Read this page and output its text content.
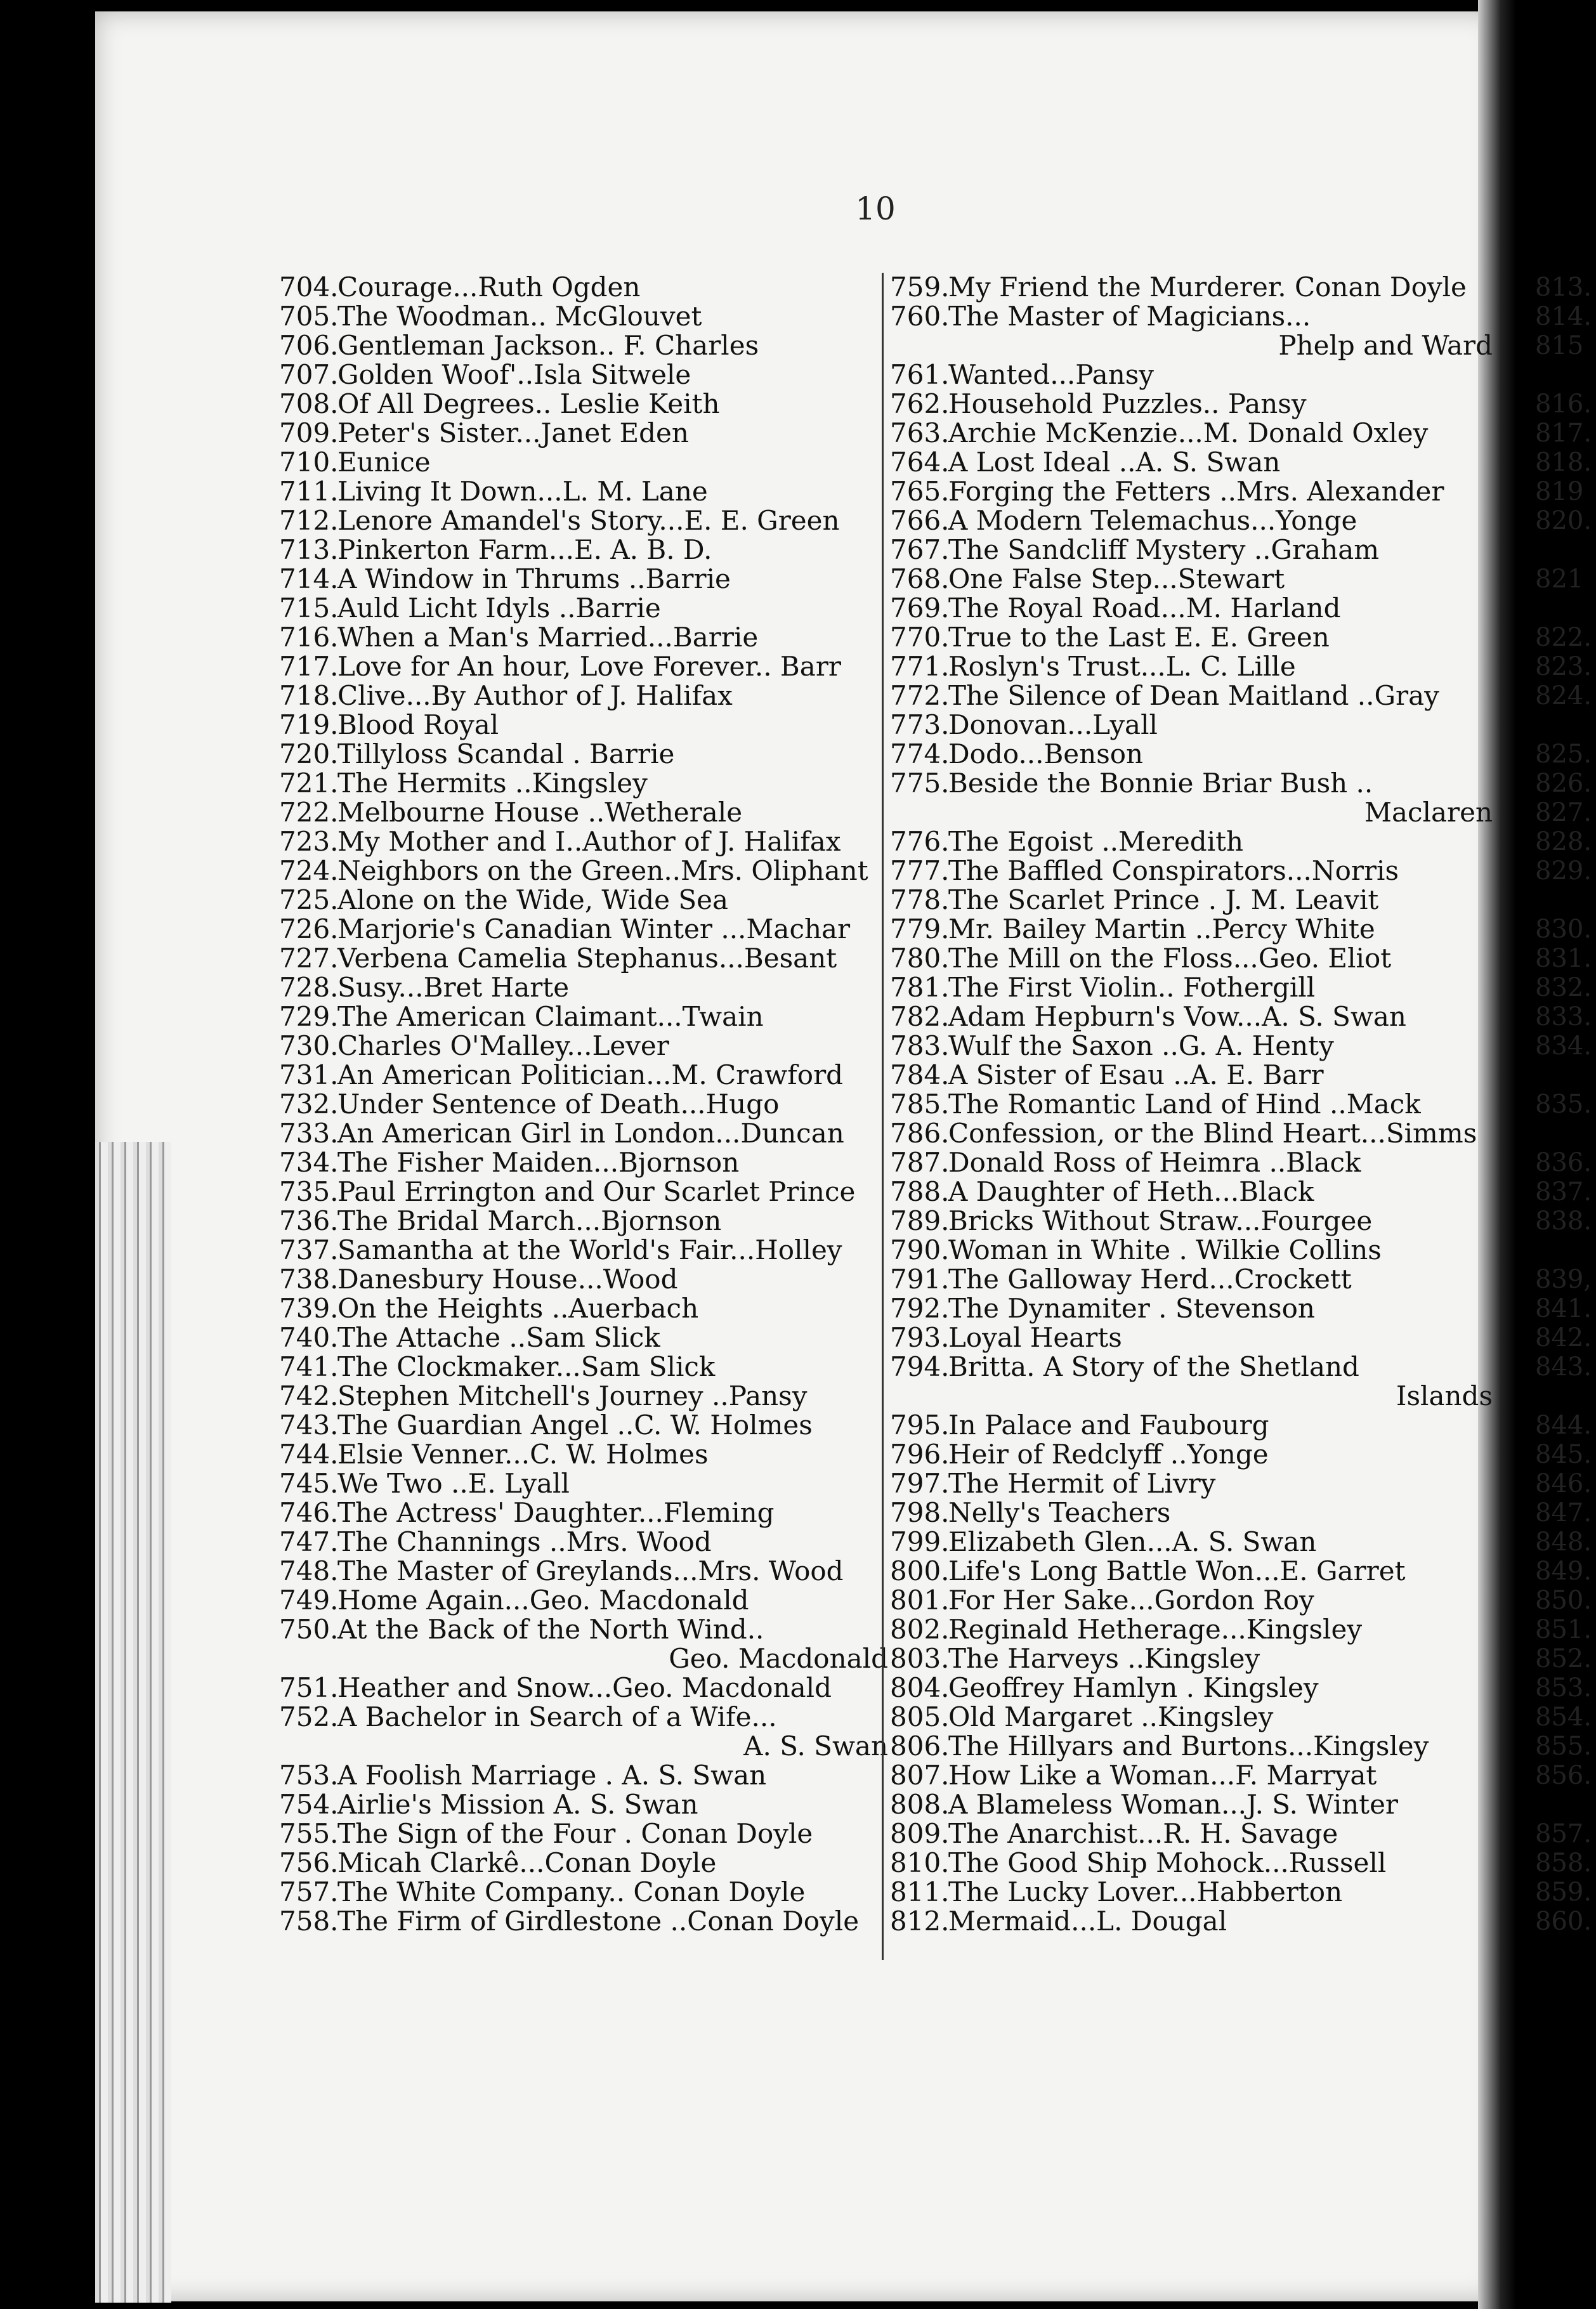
10
704.Courage...Ruth Ogden
705.The Woodman.. McGlouvet
706.Gentleman Jackson.. F. Charles
707.Golden Woof'..Isla Sitwele
708.Of All Degrees.. Leslie Keith
709.Peter's Sister...Janet Eden
710.Eunice
711.Living It Down...L. M. Lane
712.Lenore Amandel's Story...E. E. Green
713.Pinkerton Farm...E. A. B. D.
714.A Window in Thrums ..Barrie
715.Auld Licht Idyls ..Barrie
716.When a Man's Married...Barrie
717.Love for An hour, Love Forever.. Barr
718.Clive...By Author of J. Halifax
719.Blood Royal
720.Tillyloss Scandal . Barrie
721.The Hermits ..Kingsley
722.Melbourne House ..Wetherale
723.My Mother and I..Author of J. Halifax
724.Neighbors on the Green..Mrs. Oliphant
725.Alone on the Wide, Wide Sea
726.Marjorie's Canadian Winter ...Machar
727.Verbena Camelia Stephanus...Besant
728.Susy...Bret Harte
729.The American Claimant...Twain
730.Charles O'Malley...Lever
731.An American Politician...M. Crawford
732.Under Sentence of Death...Hugo
733.An American Girl in London...Duncan
734.The Fisher Maiden...Bjornson
735.Paul Errington and Our Scarlet Prince
736.The Bridal March...Bjornson
737.Samantha at the World's Fair...Holley
738.Danesbury House...Wood
739.On the Heights ..Auerbach
740.The Attache ..Sam Slick
741.The Clockmaker...Sam Slick
742.Stephen Mitchell's Journey ..Pansy
743.The Guardian Angel ..C. W. Holmes
744.Elsie Venner...C. W. Holmes
745.We Two ..E. Lyall
746.The Actress' Daughter...Fleming
747.The Channings ..Mrs. Wood
748.The Master of Greylands...Mrs. Wood
749.Home Again...Geo. Macdonald
750.At the Back of the North Wind..
Geo. Macdonald
751.Heather and Snow...Geo. Macdonald
752.A Bachelor in Search of a Wife...
A. S. Swan
753.A Foolish Marriage . A. S. Swan
754.Airlie's Mission A. S. Swan
755.The Sign of the Four . Conan Doyle
756.Micah Clarkê...Conan Doyle
757.The White Company.. Conan Doyle
758.The Firm of Girdlestone ..Conan Doyle
759.My Friend the Murderer. Conan Doyle
760.The Master of Magicians...
Phelp and Ward
761.Wanted...Pansy
762.Household Puzzles.. Pansy
763.Archie McKenzie...M. Donald Oxley
764.A Lost Ideal ..A. S. Swan
765.Forging the Fetters ..Mrs. Alexander
766.A Modern Telemachus...Yonge
767.The Sandcliff Mystery ..Graham
768.One False Step...Stewart
769.The Royal Road...M. Harland
770.True to the Last E. E. Green
771.Roslyn's Trust...L. C. Lille
772.The Silence of Dean Maitland ..Gray
773.Donovan...Lyall
774.Dodo...Benson
775.Beside the Bonnie Briar Bush ..
Maclaren
776.The Egoist ..Meredith
777.The Baffled Conspirators...Norris
778.The Scarlet Prince . J. M. Leavit
779.Mr. Bailey Martin ..Percy White
780.The Mill on the Floss...Geo. Eliot
781.The First Violin.. Fothergill
782.Adam Hepburn's Vow...A. S. Swan
783.Wulf the Saxon ..G. A. Henty
784.A Sister of Esau ..A. E. Barr
785.The Romantic Land of Hind ..Mack
786.Confession, or the Blind Heart...Simms
787.Donald Ross of Heimra ..Black
788.A Daughter of Heth...Black
789.Bricks Without Straw...Fourgee
790.Woman in White . Wilkie Collins
791.The Galloway Herd...Crockett
792.The Dynamiter . Stevenson
793.Loyal Hearts
794.Britta. A Story of the Shetland
Islands
795.In Palace and Faubourg
796.Heir of Redclyff ..Yonge
797.The Hermit of Livry
798.Nelly's Teachers
799.Elizabeth Glen...A. S. Swan
800.Life's Long Battle Won...E. Garret
801.For Her Sake...Gordon Roy
802.Reginald Hetherage...Kingsley
803.The Harveys ..Kingsley
804.Geoffrey Hamlyn . Kingsley
805.Old Margaret ..Kingsley
806.The Hillyars and Burtons...Kingsley
807.How Like a Woman...F. Marryat
808.A Blameless Woman...J. S. Winter
809.The Anarchist...R. H. Savage
810.The Good Ship Mohock...Russell
811.The Lucky Lover...Habberton
812.Mermaid...L. Dougal
813.
814.
815

816.
817.
818.
819
820.

821

822.
823.
824.

825.
826.
827.
828.
829.

830.
831.
832.
833.
834.

835.

836.
837.
838.

839,
841.
842.
843.

844.
845.
846.
847.
848.
849.
850.
851.
852.
853.
854.
855.
856.

857.
858.
859.
860.
